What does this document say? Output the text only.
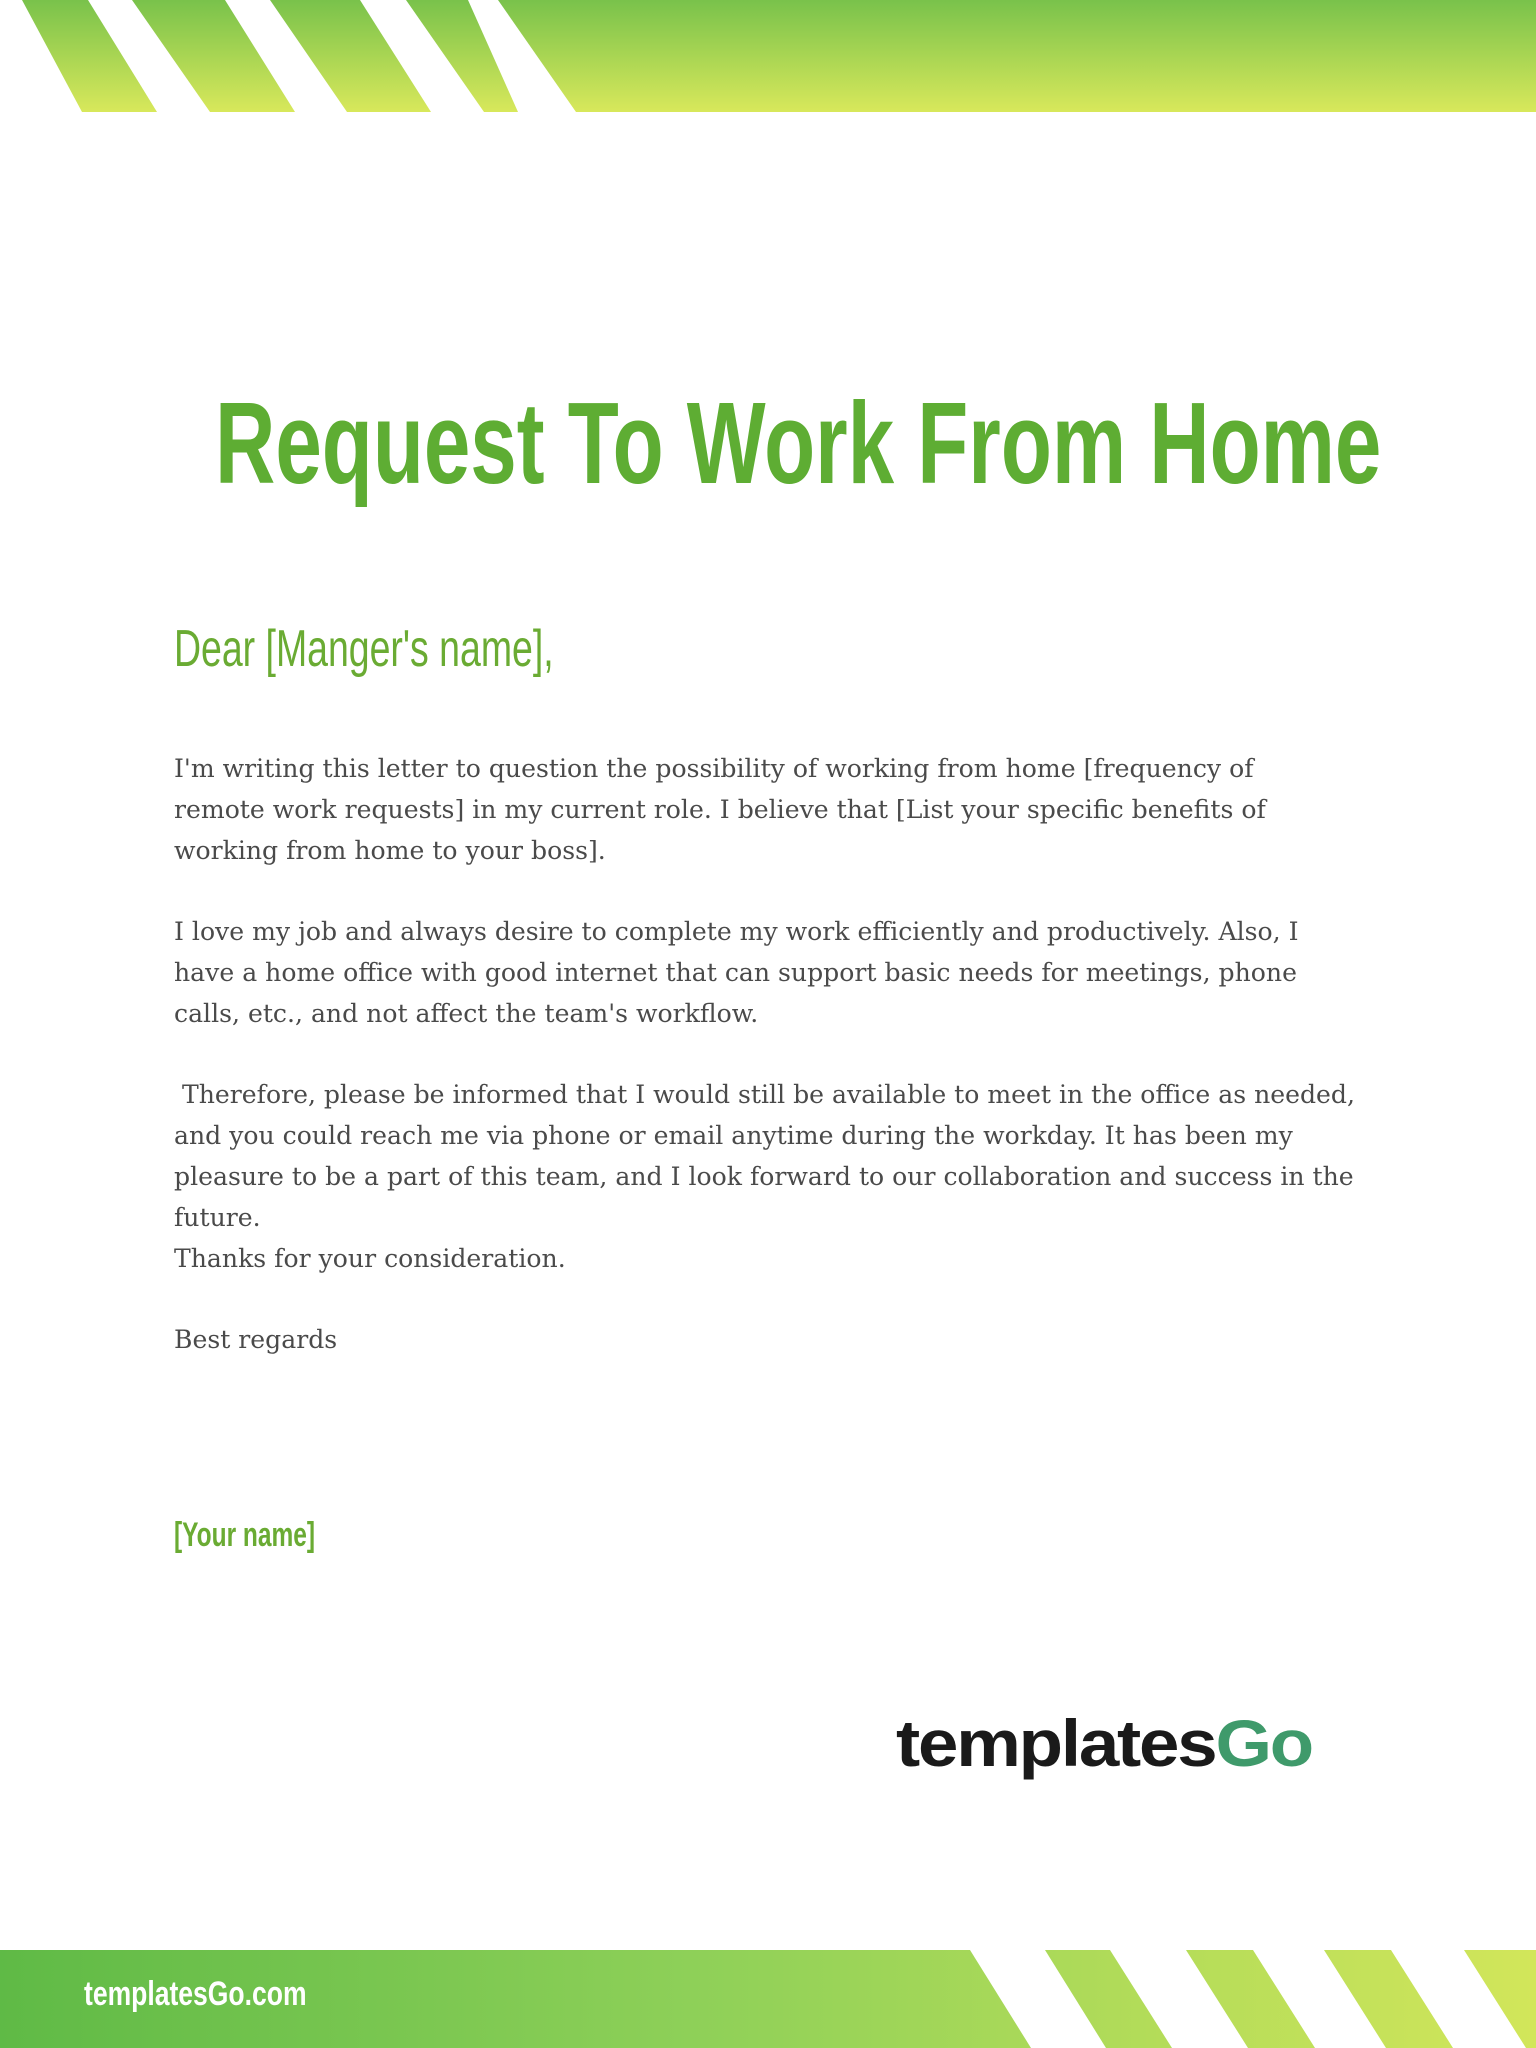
Request To Work From Home
Dear [Manger's name],

I'm writing this letter to question the possibility of working from home [frequency of
remote work requests] in my current role. I believe that [List your specific benefits of
working from home to your boss].

I love my job and always desire to complete my work efficiently and productively. Also, I
have a home office with good internet that can support basic needs for meetings, phone
calls, etc., and not affect the team's workflow.

Therefore, please be informed that I would still be available to meet in the office as needed,
and you could reach me via phone or email anytime during the workday. It has been my
pleasure to be a part of this team, and I look forward to our collaboration and success in the
future.
Thanks for your consideration.

Best regards

[Your name]
templates Go
templatesGo.com
